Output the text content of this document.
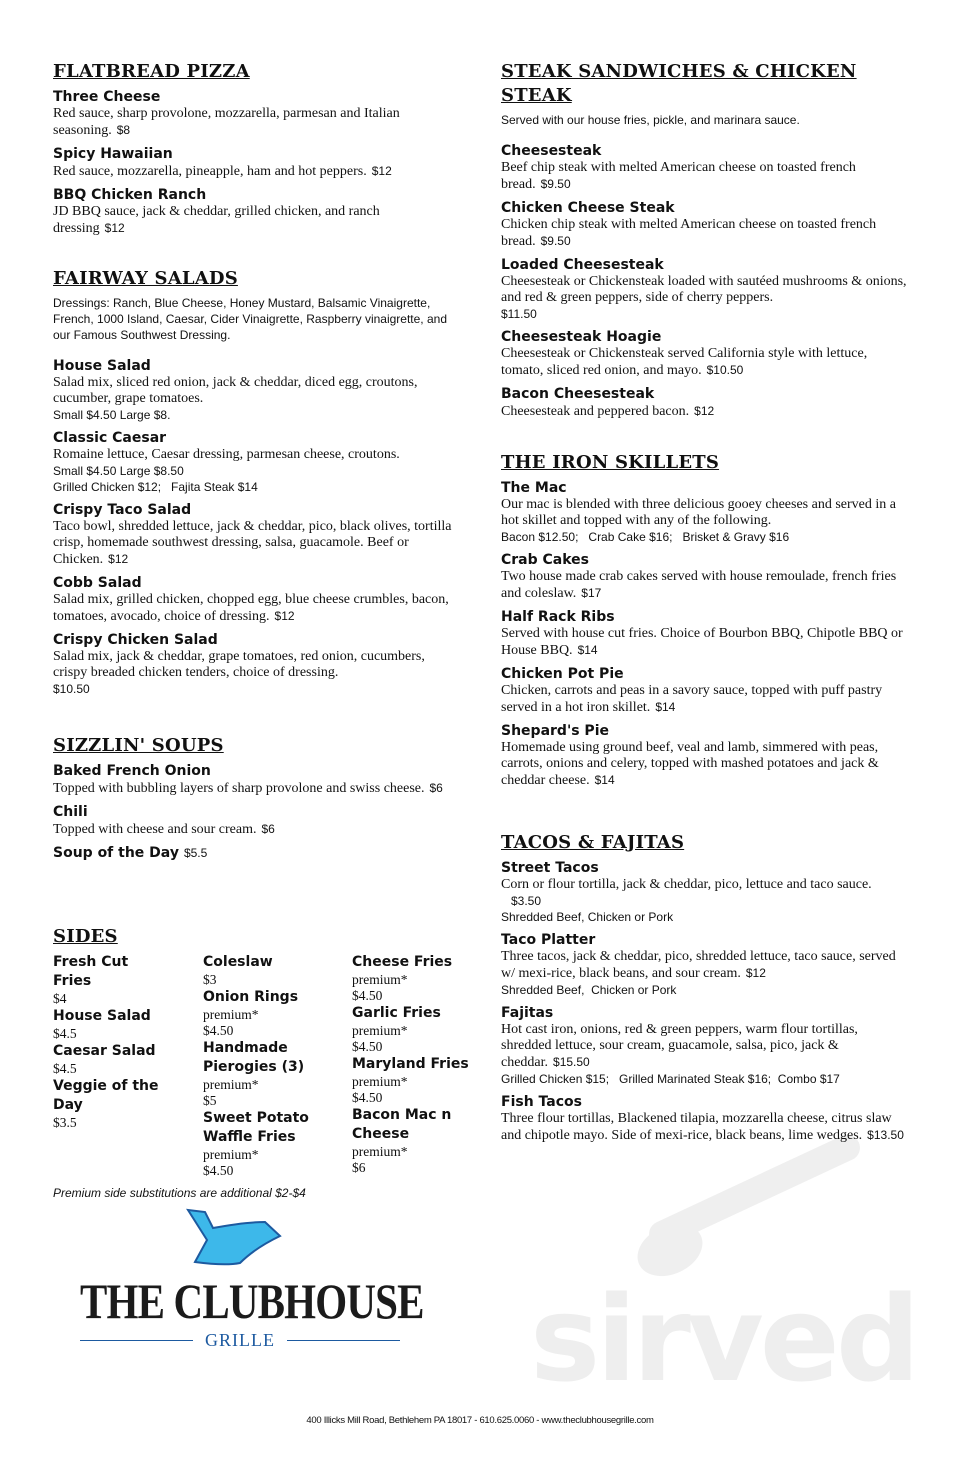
SIDES
Fresh Cut Fries
$4
House Salad
$4.5
Caesar Salad
$4.5
Veggie of the Day
$3.5
Coleslaw
$3
Onion Rings
premium*
$4.50
Handmade Pierogies (3)
premium*
$5
Sweet Potato Waffle Fries
premium*
$4.50
Cheese Fries
premium*
$4.50
Garlic Fries
premium*
$4.50
Maryland Fries
premium*
$4.50
Bacon Mac n Cheese
premium*
$6
Premium side substitutions are additional $2-$4
sirved
THE CLUBHOUSE
GRILLE
400 Illicks Mill Road, Bethlehem PA 18017 - 610.625.0060 - www.theclubhousegrille.com
FLATBREAD PIZZA
Three Cheese
Red sauce, sharp provolone, mozzarella, parmesan and Italian seasoning. $8
Spicy Hawaiian
Red sauce, mozzarella, pineapple, ham and hot peppers. $12
BBQ Chicken Ranch
JD BBQ sauce, jack & cheddar, grilled chicken, and ranch dressing $12
FAIRWAY SALADS
Dressings: Ranch, Blue Cheese, Honey Mustard, Balsamic Vinaigrette, French, 1000 Island, Caesar, Cider Vinaigrette, Raspberry vinaigrette, and our Famous Southwest Dressing.
House Salad
Salad mix, sliced red onion, jack & cheddar, diced egg, croutons, cucumber, grape tomatoes.
Small $4.50 Large $8.
Classic Caesar
Romaine lettuce, Caesar dressing, parmesan cheese, croutons.
Small $4.50 Large $8.50
Grilled Chicken $12;   Fajita Steak $14
Crispy Taco Salad
Taco bowl, shredded lettuce, jack & cheddar, pico, black olives, tortilla crisp, homemade southwest dressing, salsa, guacamole. Beef or Chicken. $12
Cobb Salad
Salad mix, grilled chicken, chopped egg, blue cheese crumbles, bacon, tomatoes, avocado, choice of dressing. $12
Crispy Chicken Salad
Salad mix, jack & cheddar, grape tomatoes, red onion, cucumbers, crispy breaded chicken tenders, choice of dressing.
$10.50
SIZZLIN' SOUPS
Baked French Onion
Topped with bubbling layers of sharp provolone and swiss cheese. $6
Chili
Topped with cheese and sour cream. $6
Soup of the Day $5.5
STEAK SANDWICHES & CHICKEN STEAK
Served with our house fries, pickle, and marinara sauce.
Cheesesteak
Beef chip steak with melted American cheese on toasted french bread. $9.50
Chicken Cheese Steak
Chicken chip steak with melted American cheese on toasted french bread. $9.50
Loaded Cheesesteak
Cheesesteak or Chickensteak loaded with sautéed mushrooms & onions, and red & green peppers, side of cherry peppers.
$11.50
Cheesesteak Hoagie
Cheesesteak or Chickensteak served California style with lettuce, tomato, sliced red onion, and mayo. $10.50
Bacon Cheesesteak
Cheesesteak and peppered bacon. $12
THE IRON SKILLETS
The Mac
Our mac is blended with three delicious gooey cheeses and served in a hot skillet and topped with any of the following.
Bacon $12.50;   Crab Cake $16;   Brisket & Gravy $16
Crab Cakes
Two house made crab cakes served with house remoulade, french fries and coleslaw. $17
Half Rack Ribs
Served with house cut fries. Choice of Bourbon BBQ, Chipotle BBQ or House BBQ. $14
Chicken Pot Pie
Chicken, carrots and peas in a savory sauce, topped with puff pastry served in a hot iron skillet. $14
Shepard's Pie
Homemade using ground beef, veal and lamb, simmered with peas, carrots, onions and celery, topped with mashed potatoes and jack & cheddar cheese. $14
TACOS & FAJITAS
Street Tacos
Corn or flour tortilla, jack & cheddar, pico, lettuce and taco sauce.
$3.50
Shredded Beef, Chicken or Pork
Taco Platter
Three tacos, jack & cheddar, pico, shredded lettuce, taco sauce, served w/ mexi-rice, black beans, and sour cream. $12
Shredded Beef,  Chicken or Pork
Fajitas
Hot cast iron, onions, red & green peppers, warm flour tortillas, shredded lettuce, sour cream, guacamole, salsa, pico, jack & cheddar. $15.50
Grilled Chicken $15;   Grilled Marinated Steak $16;  Combo $17
Fish Tacos
Three flour tortillas, Blackened tilapia, mozzarella cheese, citrus slaw and chipotle mayo. Side of mexi-rice, black beans, lime wedges. $13.50
